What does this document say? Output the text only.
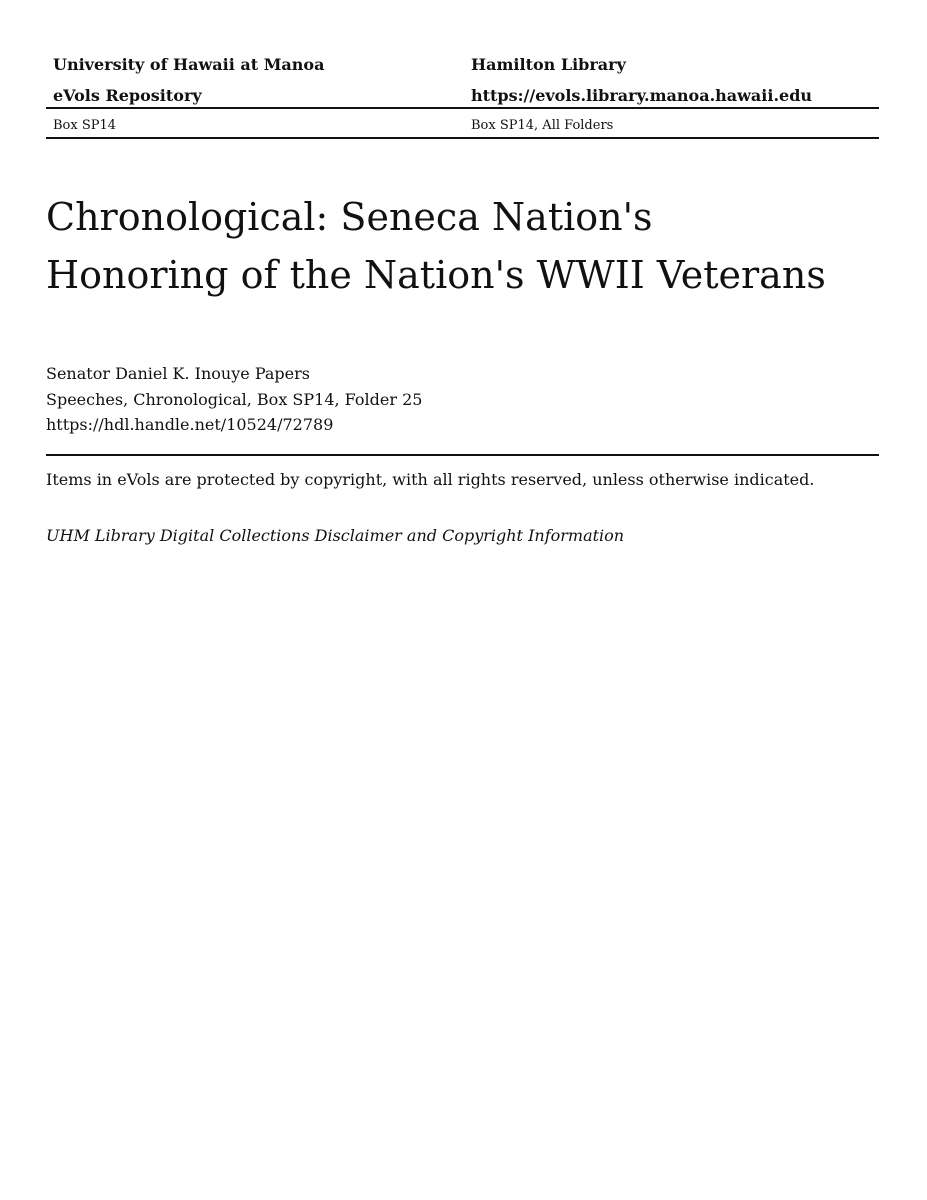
University of Hawaii at Manoa	Hamilton Library
eVols Repository	https://evols.library.manoa.hawaii.edu
Box SP14	Box SP14, All Folders
Chronological: Seneca Nation's
Honoring of the Nation's WWII Veterans
Senator Daniel K. Inouye Papers
Speeches, Chronological, Box SP14, Folder 25
https://hdl.handle.net/10524/72789
Items in eVols are protected by copyright, with all rights reserved, unless otherwise indicated.
UHM Library Digital Collections Disclaimer and Copyright Information
